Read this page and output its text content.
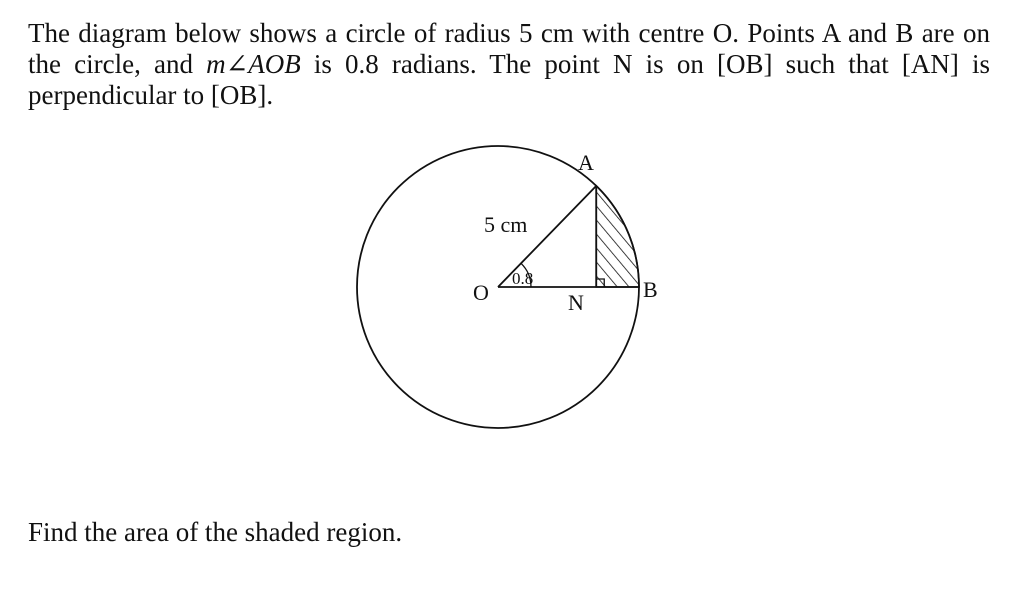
The diagram below shows a circle of radius 5 cm with centre O. Points A and B are on
the circle, and m∠AOB is 0.8 radians. The point N is on [OB] such that [AN] is
perpendicular to [OB].

A
B
O	N
5 cm
0.8

Find the area of the shaded region.
